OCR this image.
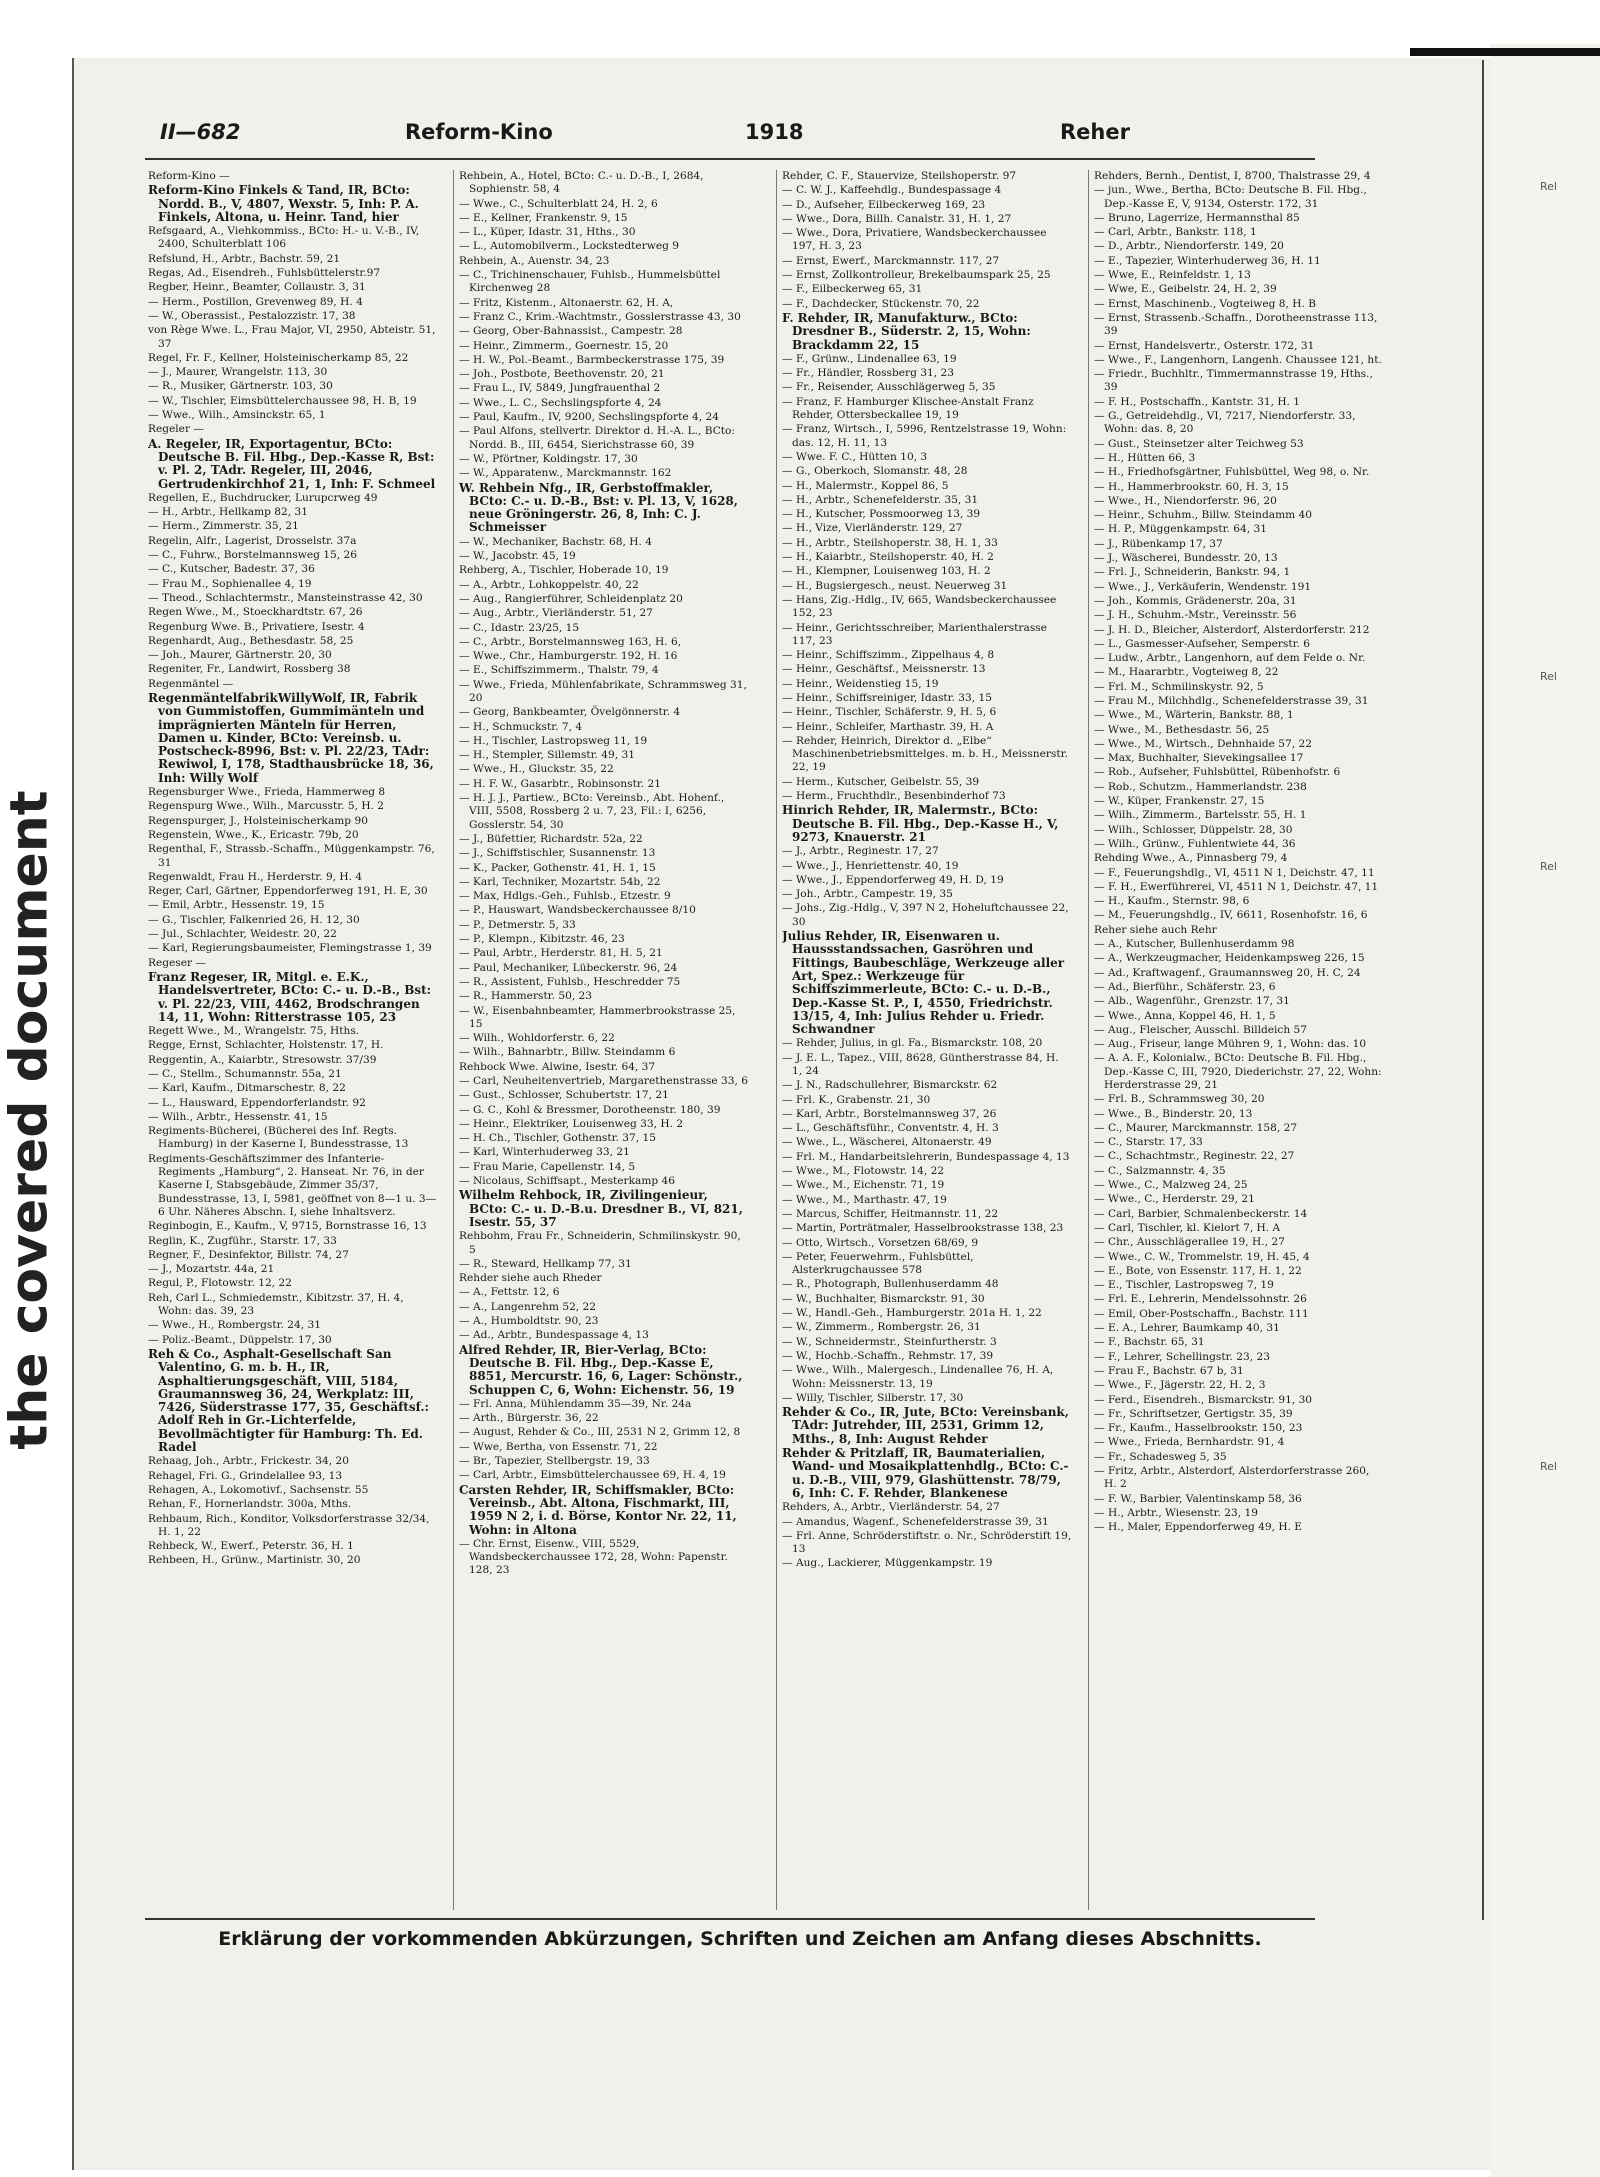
the covered document
Rel
Rel
Rel
Rel
II—682	Reform-Kino	1918	Reher
Reform-Kino —
Reform-Kino Finkels & Tand, IR, BCto: Nordd. B., V, 4807, Wexstr. 5, Inh: P. A. Finkels, Altona, u. Heinr. Tand, hier
Refsgaard, A., Viehkommiss., BCto: H.- u. V.-B., IV, 2400, Schulterblatt 106
Refslund, H., Arbtr., Bachstr. 59, 21
Regas, Ad., Eisendreh., Fuhlsbüttelerstr.97
Regber, Heinr., Beamter, Collaustr. 3, 31
— Herm., Postillon, Grevenweg 89, H. 4
— W., Oberassist., Pestalozzistr. 17, 38
von Rège Wwe. L., Frau Major, VI, 2950, Abteistr. 51, 37
Regel, Fr. F., Kellner, Holsteinischerkamp 85, 22
— J., Maurer, Wrangelstr. 113, 30
— R., Musiker, Gärtnerstr. 103, 30
— W., Tischler, Eimsbüttelerchaussee 98, H. B, 19
— Wwe., Wilh., Amsinckstr. 65, 1
Regeler —
A. Regeler, IR, Exportagentur, BCto: Deutsche B. Fil. Hbg., Dep.-Kasse R, Bst: v. Pl. 2, TAdr. Regeler, III, 2046, Gertrudenkirchhof 21, 1, Inh: F. Schmeel
Regellen, E., Buchdrucker, Lurupcrweg 49
— H., Arbtr., Hellkamp 82, 31
— Herm., Zimmerstr. 35, 21
Regelin, Alfr., Lagerist, Drosselstr. 37a
— C., Fuhrw., Borstelmannsweg 15, 26
— C., Kutscher, Badestr. 37, 36
— Frau M., Sophienallee 4, 19
— Theod., Schlachtermstr., Mansteinstrasse 42, 30
Regen Wwe., M., Stoeckhardtstr. 67, 26
Regenburg Wwe. B., Privatiere, Isestr. 4
Regenhardt, Aug., Bethesdastr. 58, 25
— Joh., Maurer, Gärtnerstr. 20, 30
Regeniter, Fr., Landwirt, Rossberg 38
Regenmäntel —
RegenmäntelfabrikWillyWolf, IR, Fabrik von Gummistoffen, Gummimänteln und imprägnierten Mänteln für Herren, Damen u. Kinder, BCto: Vereinsb. u. Postscheck-8996, Bst: v. Pl. 22/23, TAdr: Rewiwol, I, 178, Stadthausbrücke 18, 36, Inh: Willy Wolf
Regensburger Wwe., Frieda, Hammerweg 8
Regenspurg Wwe., Wilh., Marcusstr. 5, H. 2
Regenspurger, J., Holsteinischerkamp 90
Regenstein, Wwe., K., Ericastr. 79b, 20
Regenthal, F., Strassb.-Schaffn., Müggenkampstr. 76, 31
Regenwaldt, Frau H., Herderstr. 9, H. 4
Reger, Carl, Gärtner, Eppendorferweg 191, H. E, 30
— Emil, Arbtr., Hessenstr. 19, 15
— G., Tischler, Falkenried 26, H. 12, 30
— Jul., Schlachter, Weidestr. 20, 22
— Karl, Regierungsbaumeister, Flemingstrasse 1, 39
Regeser —
Franz Regeser, IR, Mitgl. e. E.K., Handelsvertreter, BCto: C.- u. D.-B., Bst: v. Pl. 22/23, VIII, 4462, Brodschrangen 14, 11, Wohn: Ritterstrasse 105, 23
Regett Wwe., M., Wrangelstr. 75, Hths.
Regge, Ernst, Schlachter, Holstenstr. 17, H.
Reggentin, A., Kaiarbtr., Stresowstr. 37/39
— C., Stellm., Schumannstr. 55a, 21
— Karl, Kaufm., Ditmarschestr. 8, 22
— L., Hausward, Eppendorferlandstr. 92
— Wilh., Arbtr., Hessenstr. 41, 15
Regiments-Bücherei, (Bücherei des Inf. Regts. Hamburg) in der Kaserne I, Bundesstrasse, 13
Regiments-Geschäftszimmer des Infanterie-Regiments „Hamburg“, 2. Hanseat. Nr. 76, in der Kaserne I, Stabsgebäude, Zimmer 35/37, Bundesstrasse, 13, I, 5981, geöffnet von 8—1 u. 3—6 Uhr. Näheres Abschn. I, siehe Inhaltsverz.
Reginbogin, E., Kaufm., V, 9715, Bornstrasse 16, 13
Reglin, K., Zugführ., Starstr. 17, 33
Regner, F., Desinfektor, Billstr. 74, 27
— J., Mozartstr. 44a, 21
Regul, P., Flotowstr. 12, 22
Reh, Carl L., Schmiedemstr., Kibitzstr. 37, H. 4, Wohn: das. 39, 23
— Wwe., H., Rombergstr. 24, 31
— Poliz.-Beamt., Düppelstr. 17, 30
Reh & Co., Asphalt-Gesellschaft San Valentino, G. m. b. H., IR, Asphaltierungsgeschäft, VIII, 5184, Graumannsweg 36, 24, Werkplatz: III, 7426, Süderstrasse 177, 35, Geschäftsf.: Adolf Reh in Gr.-Lichterfelde, Bevollmächtigter für Hamburg: Th. Ed. Radel
Rehaag, Joh., Arbtr., Frickestr. 34, 20
Rehagel, Fri. G., Grindelallee 93, 13
Rehagen, A., Lokomotivf., Sachsenstr. 55
Rehan, F., Hornerlandstr. 300a, Mths.
Rehbaum, Rich., Konditor, Volksdorferstrasse 32/34, H. 1, 22
Rehbeck, W., Ewerf., Peterstr. 36, H. 1
Rehbeen, H., Grünw., Martinistr. 30, 20
Rehbein, A., Hotel, BCto: C.- u. D.-B., I, 2684, Sophienstr. 58, 4
— Wwe., C., Schulterblatt 24, H. 2, 6
— E., Kellner, Frankenstr. 9, 15
— L., Küper, Idastr. 31, Hths., 30
— L., Automobilverm., Lockstedterweg 9
Rehbein, A., Auenstr. 34, 23
— C., Trichinenschauer, Fuhlsb., Hummelsbüttel Kirchenweg 28
— Fritz, Kistenm., Altonaerstr. 62, H. A,
— Franz C., Krim.-Wachtmstr., Gosslerstrasse 43, 30
— Georg, Ober-Bahnassist., Campestr. 28
— Heinr., Zimmerm., Goernestr. 15, 20
— H. W., Pol.-Beamt., Barmbeckerstrasse 175, 39
— Joh., Postbote, Beethovenstr. 20, 21
— Frau L., IV, 5849, Jungfrauenthal 2
— Wwe., L. C., Sechslingspforte 4, 24
— Paul, Kaufm., IV, 9200, Sechslingspforte 4, 24
— Paul Alfons, stellvertr. Direktor d. H.-A. L., BCto: Nordd. B., III, 6454, Sierichstrasse 60, 39
— W., Pförtner, Koldingstr. 17, 30
— W., Apparatenw., Marckmannstr. 162
W. Rehbein Nfg., IR, Gerbstoffmakler, BCto: C.- u. D.-B., Bst: v. Pl. 13, V, 1628, neue Gröningerstr. 26, 8, Inh: C. J. Schmeisser
— W., Mechaniker, Bachstr. 68, H. 4
— W., Jacobstr. 45, 19
Rehberg, A., Tischler, Hoberade 10, 19
— A., Arbtr., Lohkoppelstr. 40, 22
— Aug., Rangierführer, Schleidenplatz 20
— Aug., Arbtr., Vierländerstr. 51, 27
— C., Idastr. 23/25, 15
— C., Arbtr., Borstelmannsweg 163, H. 6,
— Wwe., Chr., Hamburgerstr. 192, H. 16
— E., Schiffszimmerm., Thalstr. 79, 4
— Wwe., Frieda, Mühlenfabrikate, Schrammsweg 31, 20
— Georg, Bankbeamter, Övelgönnerstr. 4
— H., Schmuckstr. 7, 4
— H., Tischler, Lastropsweg 11, 19
— H., Stempler, Sillemstr. 49, 31
— Wwe., H., Gluckstr. 35, 22
— H. F. W., Gasarbtr., Robinsonstr. 21
— H. J. J., Partiew., BCto: Vereinsb., Abt. Hohenf., VIII, 5508, Rossberg 2 u. 7, 23, Fil.: I, 6256, Gosslerstr. 54, 30
— J., Büfettier, Richardstr. 52a, 22
— J., Schiffstischler, Susannenstr. 13
— K., Packer, Gothenstr. 41, H. 1, 15
— Karl, Techniker, Mozartstr. 54b, 22
— Max, Hdlgs.-Geh., Fuhlsb., Etzestr. 9
— P., Hauswart, Wandsbeckerchaussee 8/10
— P., Detmerstr. 5, 33
— P., Klempn., Kibitzstr. 46, 23
— Paul, Arbtr., Herderstr. 81, H. 5, 21
— Paul, Mechaniker, Lübeckerstr. 96, 24
— R., Assistent, Fuhlsb., Heschredder 75
— R., Hammerstr. 50, 23
— W., Eisenbahnbeamter, Hammerbrookstrasse 25, 15
— Wilh., Wohldorferstr. 6, 22
— Wilh., Bahnarbtr., Billw. Steindamm 6
Rehbock Wwe. Alwine, Isestr. 64, 37
— Carl, Neuheitenvertrieb, Margarethenstrasse 33, 6
— Gust., Schlosser, Schubertstr. 17, 21
— G. C., Kohl & Bressmer, Dorotheenstr. 180, 39
— Heinr., Elektriker, Louisenweg 33, H. 2
— H. Ch., Tischler, Gothenstr. 37, 15
— Karl, Winterhuderweg 33, 21
— Frau Marie, Capellenstr. 14, 5
— Nicolaus, Schiffsapt., Mesterkamp 46
Wilhelm Rehbock, IR, Zivilingenieur, BCto: C.- u. D.-B.u. Dresdner B., VI, 821, Isestr. 55, 37
Rehbohm, Frau Fr., Schneiderin, Schmilinskystr. 90, 5
— R., Steward, Hellkamp 77, 31
Rehder siehe auch Rheder
— A., Fettstr. 12, 6
— A., Langenrehm 52, 22
— A., Humboldtstr. 90, 23
— Ad., Arbtr., Bundespassage 4, 13
Alfred Rehder, IR, Bier-Verlag, BCto: Deutsche B. Fil. Hbg., Dep.-Kasse E, 8851, Mercurstr. 16, 6, Lager: Schönstr., Schuppen C, 6, Wohn: Eichenstr. 56, 19
— Frl. Anna, Mühlendamm 35—39, Nr. 24a
— Arth., Bürgerstr. 36, 22
— August, Rehder & Co., III, 2531 N 2, Grimm 12, 8
— Wwe, Bertha, von Essenstr. 71, 22
— Br., Tapezier, Stellbergstr. 19, 33
— Carl, Arbtr., Eimsbüttelerchaussee 69, H. 4, 19
Carsten Rehder, IR, Schiffsmakler, BCto: Vereinsb., Abt. Altona, Fischmarkt, III, 1959 N 2, i. d. Börse, Kontor Nr. 22, 11, Wohn: in Altona
— Chr. Ernst, Eisenw., VIII, 5529, Wandsbeckerchaussee 172, 28, Wohn: Papenstr. 128, 23
Rehder, C. F., Stauervize, Steilshoperstr. 97
— C. W. J., Kaffeehdlg., Bundespassage 4
— D., Aufseher, Eilbeckerweg 169, 23
— Wwe., Dora, Billh. Canalstr. 31, H. 1, 27
— Wwe., Dora, Privatiere, Wandsbeckerchaussee 197, H. 3, 23
— Ernst, Ewerf., Marckmannstr. 117, 27
— Ernst, Zollkontrolleur, Brekelbaumspark 25, 25
— F., Eilbeckerweg 65, 31
— F., Dachdecker, Stückenstr. 70, 22
F. Rehder, IR, Manufakturw., BCto: Dresdner B., Süderstr. 2, 15, Wohn: Brackdamm 22, 15
— F., Grünw., Lindenallee 63, 19
— Fr., Händler, Rossberg 31, 23
— Fr., Reisender, Ausschlägerweg 5, 35
— Franz, F. Hamburger Klischee-Anstalt Franz Rehder, Ottersbeckallee 19, 19
— Franz, Wirtsch., I, 5996, Rentzelstrasse 19, Wohn: das. 12, H. 11, 13
— Wwe. F. C., Hütten 10, 3
— G., Oberkoch, Slomanstr. 48, 28
— H., Malermstr., Koppel 86, 5
— H., Arbtr., Schenefelderstr. 35, 31
— H., Kutscher, Possmoorweg 13, 39
— H., Vize, Vierländerstr. 129, 27
— H., Arbtr., Steilshoperstr. 38, H. 1, 33
— H., Kaiarbtr., Steilshoperstr. 40, H. 2
— H., Klempner, Louisenweg 103, H. 2
— H., Bugsiergesch., neust. Neuerweg 31
— Hans, Zig.-Hdlg., IV, 665, Wandsbeckerchaussee 152, 23
— Heinr., Gerichtsschreiber, Marienthalerstrasse 117, 23
— Heinr., Schiffszimm., Zippelhaus 4, 8
— Heinr., Geschäftsf., Meissnerstr. 13
— Heinr., Weidenstieg 15, 19
— Heinr., Schiffsreiniger, Idastr. 33, 15
— Heinr., Tischler, Schäferstr. 9, H. 5, 6
— Heinr., Schleifer, Marthastr. 39, H. A
— Rehder, Heinrich, Direktor d. „Elbe“ Maschinenbetriebsmittelges. m. b. H., Meissnerstr. 22, 19
— Herm., Kutscher, Geibelstr. 55, 39
— Herm., Fruchthdlr., Besenbinderhof 73
Hinrich Rehder, IR, Malermstr., BCto: Deutsche B. Fil. Hbg., Dep.-Kasse H., V, 9273, Knauerstr. 21
— J., Arbtr., Reginestr. 17, 27
— Wwe., J., Henriettenstr. 40, 19
— Wwe., J., Eppendorferweg 49, H. D, 19
— Joh., Arbtr., Campestr. 19, 35
— Johs., Zig.-Hdlg., V, 397 N 2, Hoheluftchaussee 22, 30
Julius Rehder, IR, Eisenwaren u. Haussstandssachen, Gasröhren und Fittings, Baubeschläge, Werkzeuge aller Art, Spez.: Werkzeuge für Schiffszimmerleute, BCto: C.- u. D.-B., Dep.-Kasse St. P., I, 4550, Friedrichstr. 13/15, 4, Inh: Julius Rehder u. Friedr. Schwandner
— Rehder, Julius, in gl. Fa., Bismarckstr. 108, 20
— J. E. L., Tapez., VIII, 8628, Güntherstrasse 84, H. 1, 24
— J. N., Radschullehrer, Bismarckstr. 62
— Frl. K., Grabenstr. 21, 30
— Karl, Arbtr., Borstelmannsweg 37, 26
— L., Geschäftsführ., Conventstr. 4, H. 3
— Wwe., L., Wäscherei, Altonaerstr. 49
— Frl. M., Handarbeitslehrerin, Bundespassage 4, 13
— Wwe., M., Flotowstr. 14, 22
— Wwe., M., Eichenstr. 71, 19
— Wwe., M., Marthastr. 47, 19
— Marcus, Schiffer, Heitmannstr. 11, 22
— Martin, Porträtmaler, Hasselbrookstrasse 138, 23
— Otto, Wirtsch., Vorsetzen 68/69, 9
— Peter, Feuerwehrm., Fuhlsbüttel, Alsterkrugchaussee 578
— R., Photograph, Bullenhuserdamm 48
— W., Buchhalter, Bismarckstr. 91, 30
— W., Handl.-Geh., Hamburgerstr. 201a H. 1, 22
— W., Zimmerm., Rombergstr. 26, 31
— W., Schneidermstr., Steinfurtherstr. 3
— W., Hochb.-Schaffn., Rehmstr. 17, 39
— Wwe., Wilh., Malergesch., Lindenallee 76, H. A, Wohn: Meissnerstr. 13, 19
— Willy, Tischler, Silberstr. 17, 30
Rehder & Co., IR, Jute, BCto: Vereinsbank, TAdr: Jutrehder, III, 2531, Grimm 12, Mths., 8, Inh: August Rehder
Rehder & Pritzlaff, IR, Baumaterialien, Wand- und Mosaikplattenhdlg., BCto: C.- u. D.-B., VIII, 979, Glashüttenstr. 78/79, 6, Inh: C. F. Rehder, Blankenese
Rehders, A., Arbtr., Vierländerstr. 54, 27
— Amandus, Wagenf., Schenefelderstrasse 39, 31
— Frl. Anne, Schröderstiftstr. o. Nr., Schröderstift 19, 13
— Aug., Lackierer, Müggenkampstr. 19
Rehders, Bernh., Dentist, I, 8700, Thalstrasse 29, 4
— jun., Wwe., Bertha, BCto: Deutsche B. Fil. Hbg., Dep.-Kasse E, V, 9134, Osterstr. 172, 31
— Bruno, Lagerrize, Hermannsthal 85
— Carl, Arbtr., Bankstr. 118, 1
— D., Arbtr., Niendorferstr. 149, 20
— E., Tapezier, Winterhuderweg 36, H. 11
— Wwe, E., Reinfeldstr. 1, 13
— Wwe, E., Geibelstr. 24, H. 2, 39
— Ernst, Maschinenb., Vogteiweg 8, H. B
— Ernst, Strassenb.-Schaffn., Dorotheenstrasse 113, 39
— Ernst, Handelsvertr., Osterstr. 172, 31
— Wwe., F., Langenhorn, Langenh. Chaussee 121, ht.
— Friedr., Buchhltr., Timmermannstrasse 19, Hths., 39
— F. H., Postschaffn., Kantstr. 31, H. 1
— G., Getreidehdlg., VI, 7217, Niendorferstr. 33, Wohn: das. 8, 20
— Gust., Steinsetzer alter Teichweg 53
— H., Hütten 66, 3
— H., Friedhofsgärtner, Fuhlsbüttel, Weg 98, o. Nr.
— H., Hammerbrookstr. 60, H. 3, 15
— Wwe., H., Niendorferstr. 96, 20
— Heinr., Schuhm., Billw. Steindamm 40
— H. P., Müggenkampstr. 64, 31
— J., Rübenkamp 17, 37
— J., Wäscherei, Bundesstr. 20, 13
— Frl. J., Schneiderin, Bankstr. 94, 1
— Wwe., J., Verkäuferin, Wendenstr. 191
— Joh., Kommis, Grädenerstr. 20a, 31
— J. H., Schuhm.-Mstr., Vereinsstr. 56
— J. H. D., Bleicher, Alsterdorf, Alsterdorferstr. 212
— L., Gasmesser-Aufseher, Semperstr. 6
— Ludw., Arbtr., Langenhorn, auf dem Felde o. Nr.
— M., Haararbtr., Vogteiweg 8, 22
— Frl. M., Schmilinskystr. 92, 5
— Frau M., Milchhdlg., Schenefelderstrasse 39, 31
— Wwe., M., Wärterin, Bankstr. 88, 1
— Wwe., M., Bethesdastr. 56, 25
— Wwe., M., Wirtsch., Dehnhaide 57, 22
— Max, Buchhalter, Sievekingsallee 17
— Rob., Aufseher, Fuhlsbüttel, Rübenhofstr. 6
— Rob., Schutzm., Hammerlandstr. 238
— W., Küper, Frankenstr. 27, 15
— Wilh., Zimmerm., Bartelsstr. 55, H. 1
— Wilh., Schlosser, Düppelstr. 28, 30
— Wilh., Grünw., Fuhlentwiete 44, 36
Rehding Wwe., A., Pinnasberg 79, 4
— F., Feuerungshdlg., VI, 4511 N 1, Deichstr. 47, 11
— F. H., Ewerführerei, VI, 4511 N 1, Deichstr. 47, 11
— H., Kaufm., Sternstr. 98, 6
— M., Feuerungshdlg., IV, 6611, Rosenhofstr. 16, 6
Reher siehe auch Rehr
— A., Kutscher, Bullenhuserdamm 98
— A., Werkzeugmacher, Heidenkampsweg 226, 15
— Ad., Kraftwagenf., Graumannsweg 20, H. C, 24
— Ad., Bierführ., Schäferstr. 23, 6
— Alb., Wagenführ., Grenzstr. 17, 31
— Wwe., Anna, Koppel 46, H. 1, 5
— Aug., Fleischer, Ausschl. Billdeich 57
— Aug., Friseur, lange Mühren 9, 1, Wohn: das. 10
— A. A. F., Kolonialw., BCto: Deutsche B. Fil. Hbg., Dep.-Kasse C, III, 7920, Diederichstr. 27, 22, Wohn: Herderstrasse 29, 21
— Frl. B., Schrammsweg 30, 20
— Wwe., B., Binderstr. 20, 13
— C., Maurer, Marckmannstr. 158, 27
— C., Starstr. 17, 33
— C., Schachtmstr., Reginestr. 22, 27
— C., Salzmannstr. 4, 35
— Wwe., C., Malzweg 24, 25
— Wwe., C., Herderstr. 29, 21
— Carl, Barbier, Schmalenbeckerstr. 14
— Carl, Tischler, kl. Kielort 7, H. A
— Chr., Ausschlägerallee 19, H., 27
— Wwe., C. W., Trommelstr. 19, H. 45, 4
— E., Bote, von Essenstr. 117, H. 1, 22
— E., Tischler, Lastropsweg 7, 19
— Frl. E., Lehrerin, Mendelssohnstr. 26
— Emil, Ober-Postschaffn., Bachstr. 111
— E. A., Lehrer, Baumkamp 40, 31
— F., Bachstr. 65, 31
— F., Lehrer, Schellingstr. 23, 23
— Frau F., Bachstr. 67 b, 31
— Wwe., F., Jägerstr. 22, H. 2, 3
— Ferd., Eisendreh., Bismarckstr. 91, 30
— Fr., Schriftsetzer, Gertigstr. 35, 39
— Fr., Kaufm., Hasselbrookstr. 150, 23
— Wwe., Frieda, Bernhardstr. 91, 4
— Fr., Schadesweg 5, 35
— Fritz, Arbtr., Alsterdorf, Alsterdorferstrasse 260, H. 2
— F. W., Barbier, Valentinskamp 58, 36
— H., Arbtr., Wiesenstr. 23, 19
— H., Maler, Eppendorferweg 49, H. E
Erklärung der vorkommenden Abkürzungen, Schriften und Zeichen am Anfang dieses Abschnitts.
